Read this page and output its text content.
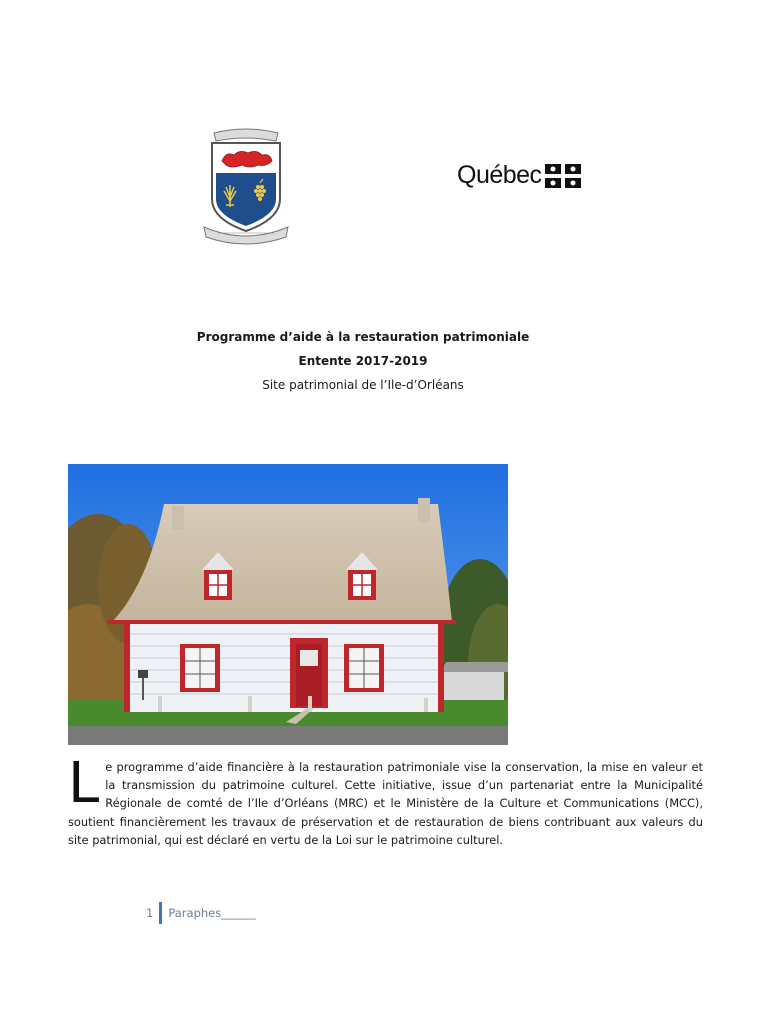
Québec
Programme d’aide à la restauration patrimoniale
Entente 2017-2019
Site patrimonial de l’Ile-d’Orléans
Le programme d’aide financière à la restauration patrimoniale vise la conservation, la mise en valeur et la transmission du patrimoine culturel. Cette initiative, issue d’un partenariat entre la Municipalité Régionale de comté de l’Ile d’Orléans (MRC) et le Ministère de la Culture et Communications (MCC), soutient financièrement les travaux de préservation et de restauration de biens contribuant aux valeurs du site patrimonial, qui est déclaré en vertu de la Loi sur le patrimoine culturel.
1 Paraphes______
